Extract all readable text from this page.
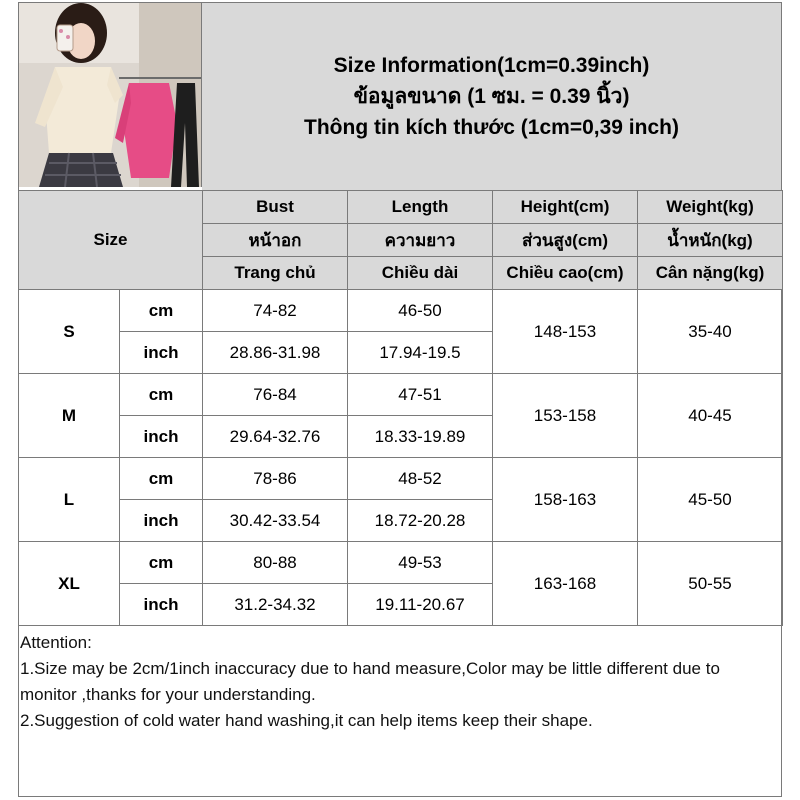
Size Information(1cm=0.39inch)
ข้อมูลขนาด (1 ซม. = 0.39 นิ้ว)
Thông tin kích thước (1cm=0,39 inch)
Size		Bust	Length	Height(cm)	Weight(kg)
		หน้าอก	ความยาว	ส่วนสูง(cm)	น้ำหนัก(kg)
		Trang chủ	Chiều dài	Chiều cao(cm)	Cân nặng(kg)
S	cm	74-82	46-50	148-153	35-40
	inch	28.86-31.98	17.94-19.5		
M	cm	76-84	47-51	153-158	40-45
	inch	29.64-32.76	18.33-19.89		
L	cm	78-86	48-52	158-163	45-50
	inch	30.42-33.54	18.72-20.28		
XL	cm	80-88	49-53	163-168	50-55
	inch	31.2-34.32	19.11-20.67		

Attention:

1.Size may be 2cm/1inch inaccuracy due to hand measure,Color may be little different due to monitor ,thanks for your understanding.

2.Suggestion of cold water hand washing,it can help items keep their shape.
